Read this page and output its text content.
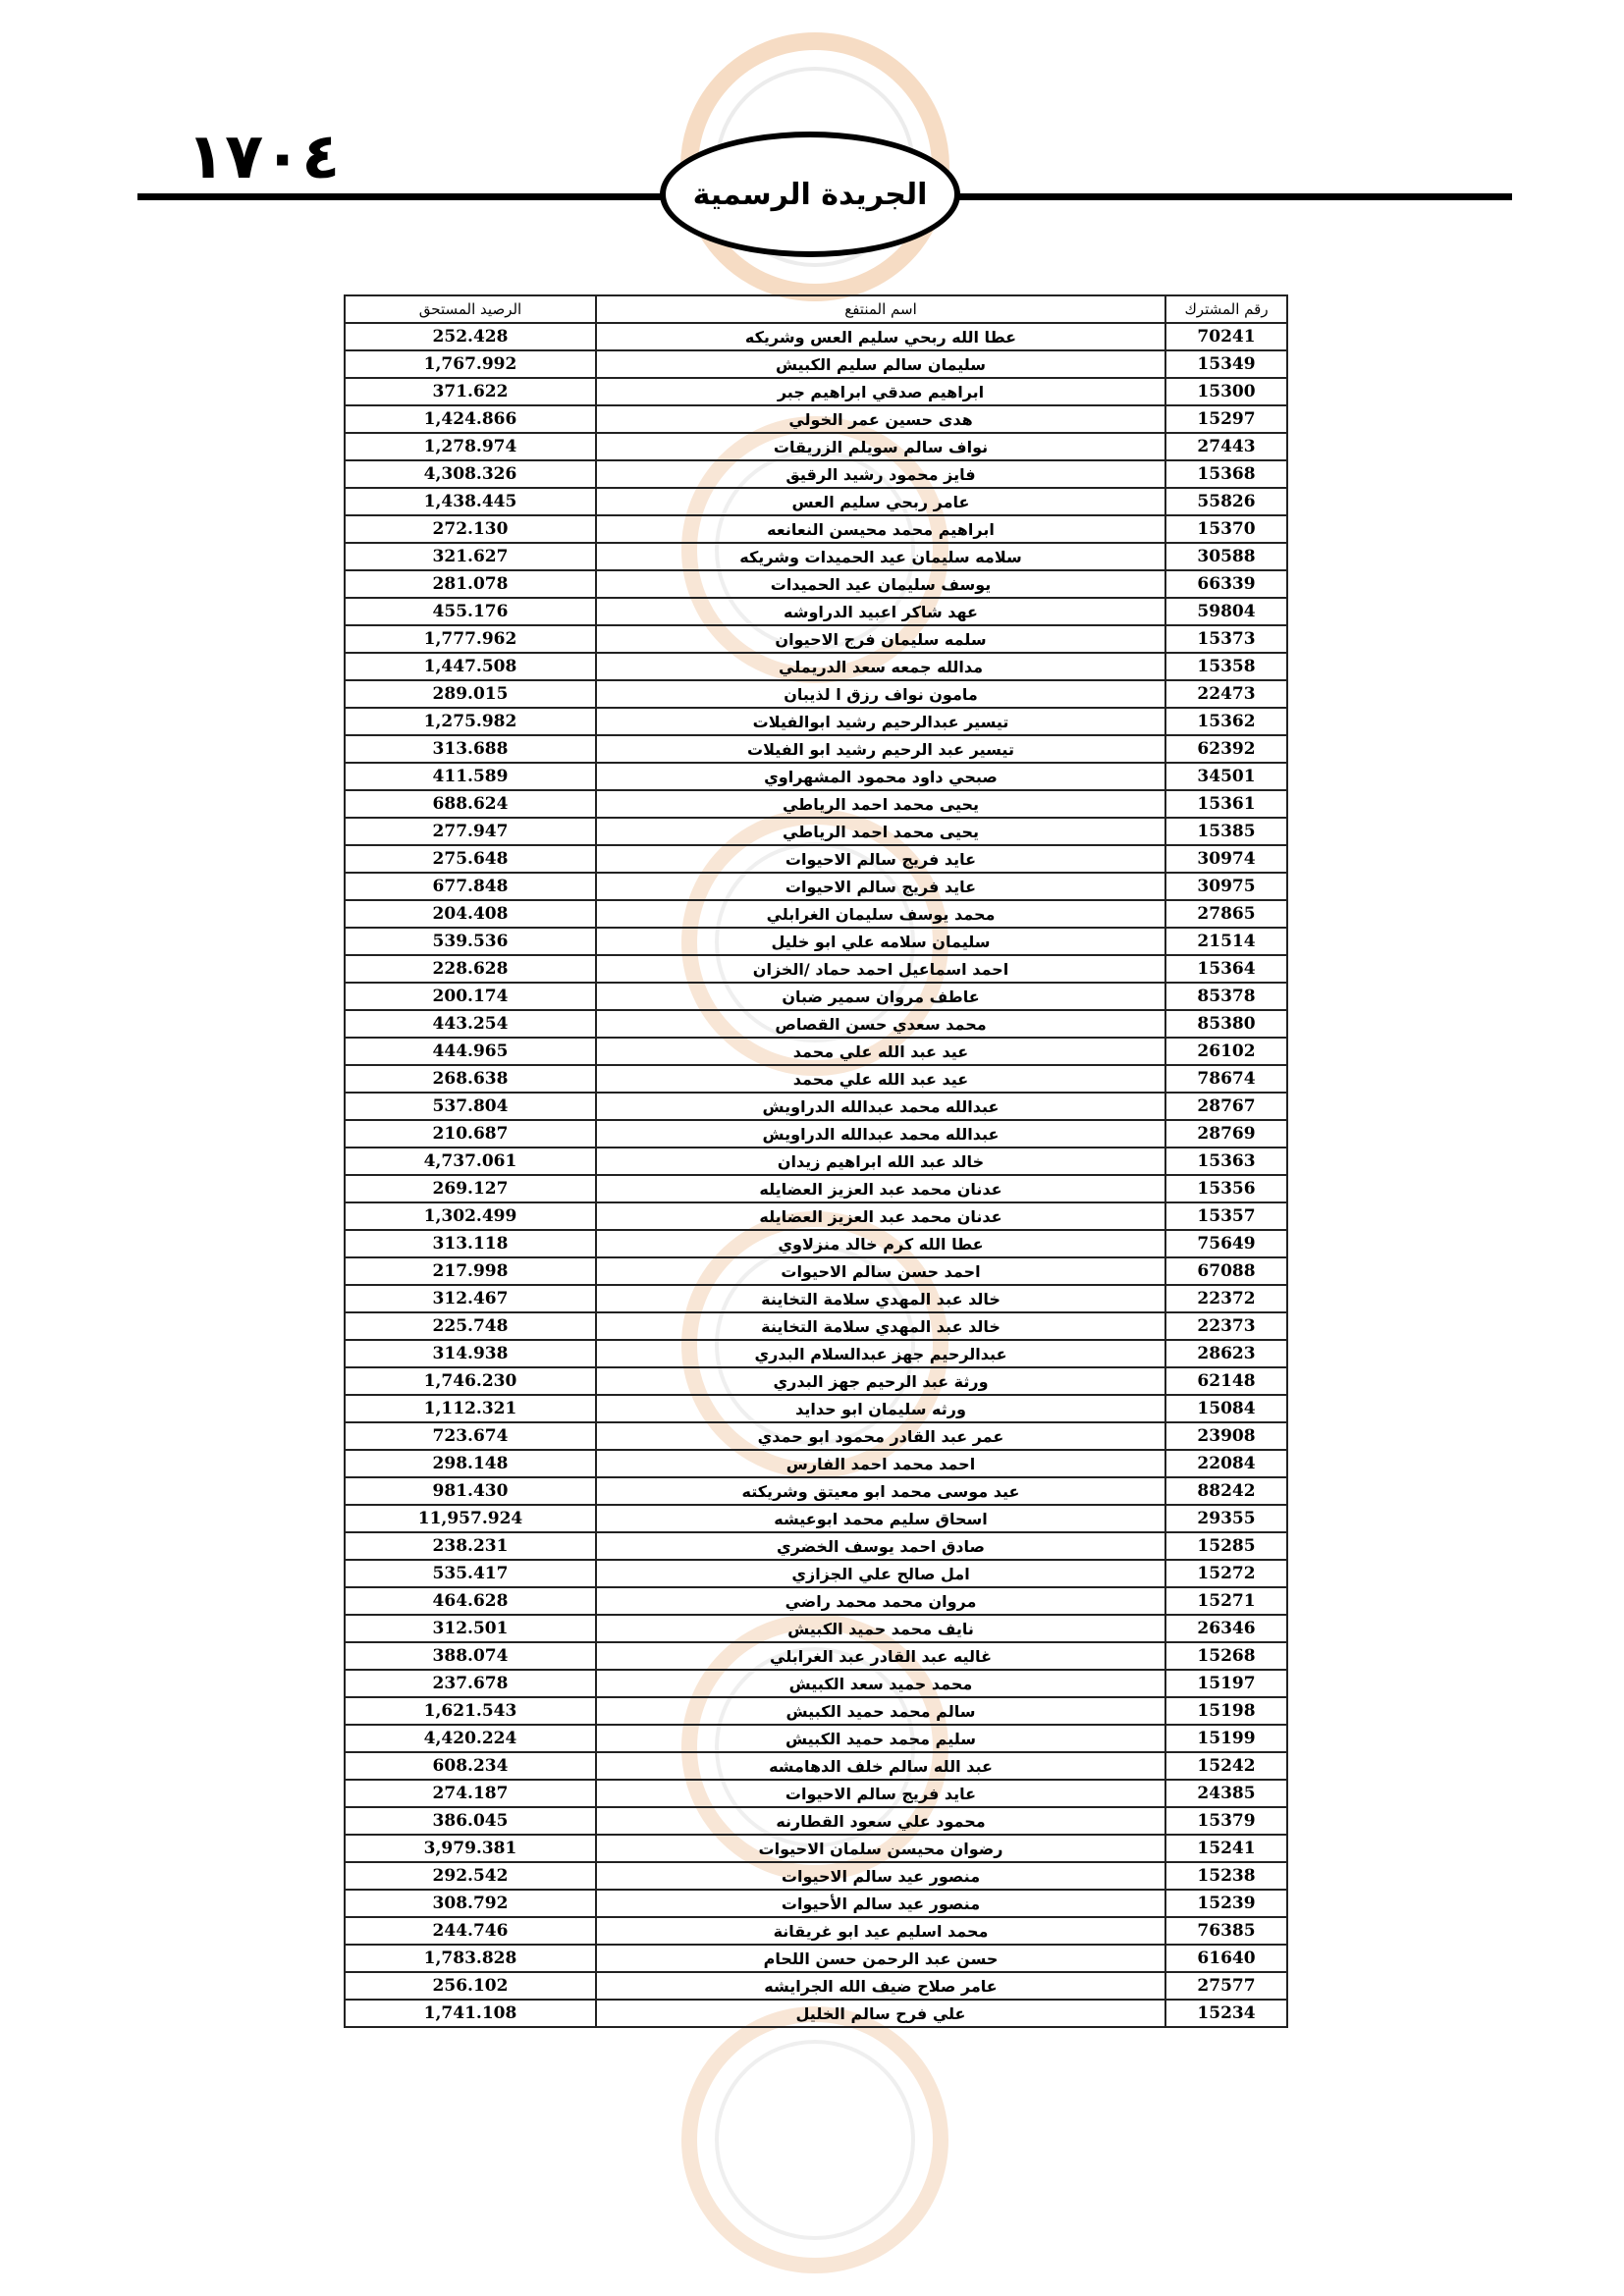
١٧٠٤
الجريدة الرسمية
رقم المشترك	اسم المنتفع	الرصيد المستحق
70241	عطا الله ربحي سليم العس وشريكه	252.428
15349	سليمان سالم سليم الكبيش	1,767.992
15300	ابراهيم صدقي ابراهيم جبر	371.622
15297	هدى حسين عمر الخولي	1,424.866
27443	نواف سالم سويلم الزريقات	1,278.974
15368	فايز محمود رشيد الرقيق	4,308.326
55826	عامر ربحي سليم العس	1,438.445
15370	ابراهيم محمد محيسن النعانعه	272.130
30588	سلامه سليمان عيد الحميدات وشريكه	321.627
66339	يوسف سليمان عيد الحميدات	281.078
59804	عهد شاكر اعبيد الدراوشه	455.176
15373	سلمه سليمان فرج الاحيوان	1,777.962
15358	مدالله جمعه سعد الدريملي	1,447.508
22473	مامون نواف رزق ا لذيبان	289.015
15362	تيسير عبدالرحيم رشيد ابوالفيلات	1,275.982
62392	تيسير عبد الرحيم رشيد ابو الفيلات	313.688
34501	صبحي داود محمود المشهراوي	411.589
15361	يحيى محمد احمد الرياطي	688.624
15385	يحيى محمد احمد الرياطي	277.947
30974	عايد فريج سالم الاحيوات	275.648
30975	عايد فريج سالم الاحيوات	677.848
27865	محمد يوسف سليمان الغرابلي	204.408
21514	سليمان سلامه علي ابو خليل	539.536
15364	احمد اسماعيل احمد حماد /الخزان	228.628
85378	عاطف مروان سمير ضبان	200.174
85380	محمد سعدي حسن القصاص	443.254
26102	عيد عبد الله علي محمد	444.965
78674	عيد عبد الله علي محمد	268.638
28767	عبدالله محمد عبدالله الدراويش	537.804
28769	عبدالله محمد عبدالله الدراويش	210.687
15363	خالد عبد الله ابراهيم زيدان	4,737.061
15356	عدنان محمد عبد العزيز العضايله	269.127
15357	عدنان محمد عبد العزيز العضايله	1,302.499
75649	عطا الله كرم خالد منزلاوي	313.118
67088	احمد حسن سالم الاحيوات	217.998
22372	خالد عبد المهدي سلامة التخاينة	312.467
22373	خالد عبد المهدي سلامة التخاينة	225.748
28623	عبدالرحيم جهز عبدالسلام البدري	314.938
62148	ورثة عبد الرحيم جهز البدري	1,746.230
15084	ورثه سليمان ابو حدايد	1,112.321
23908	عمر عبد القادر محمود ابو حمدي	723.674
22084	احمد محمد احمد الفارس	298.148
88242	عيد موسى محمد ابو معيتق وشريكته	981.430
29355	اسحاق سليم محمد ابوعيشه	11,957.924
15285	صادق احمد يوسف الخضري	238.231
15272	امل صالح علي الجزازي	535.417
15271	مروان محمد محمد راضي	464.628
26346	نايف محمد حميد الكبيش	312.501
15268	غاليه عبد القادر عبد الغرابلي	388.074
15197	محمد حميد سعد الكبيش	237.678
15198	سالم محمد حميد الكبيش	1,621.543
15199	سليم محمد حميد الكبيش	4,420.224
15242	عبد الله سالم خلف الدهامشه	608.234
24385	عايد فريج سالم الاحيوات	274.187
15379	محمود علي سعود القطارنه	386.045
15241	رضوان محيسن سلمان الاحيوات	3,979.381
15238	منصور عيد سالم الاحيوات	292.542
15239	منصور عيد سالم الأحيوات	308.792
76385	محمد اسليم عيد ابو غريقانة	244.746
61640	حسن عبد الرحمن حسن اللحام	1,783.828
27577	عامر صلاح ضيف الله الجرايشه	256.102
15234	علي فرح سالم الخليل	1,741.108
